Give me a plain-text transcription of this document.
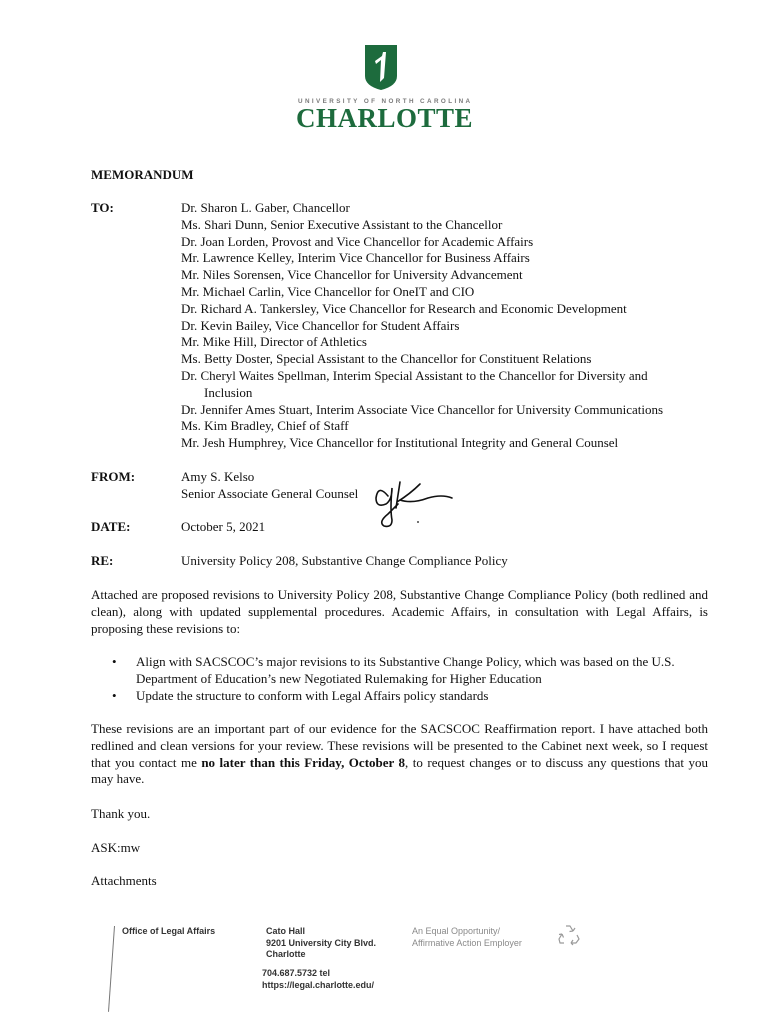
UNIVERSITY OF NORTH CAROLINA
CHARLOTTE
MEMORANDUM
TO:	Dr. Sharon L. Gaber, Chancellor
Ms. Shari Dunn, Senior Executive Assistant to the Chancellor
Dr. Joan Lorden, Provost and Vice Chancellor for Academic Affairs
Mr. Lawrence Kelley, Interim Vice Chancellor for Business Affairs
Mr. Niles Sorensen, Vice Chancellor for University Advancement
Mr. Michael Carlin, Vice Chancellor for OneIT and CIO
Dr. Richard A. Tankersley, Vice Chancellor for Research and Economic Development
Dr. Kevin Bailey, Vice Chancellor for Student Affairs
Mr. Mike Hill, Director of Athletics
Ms. Betty Doster, Special Assistant to the Chancellor for Constituent Relations
Dr. Cheryl Waites Spellman, Interim Special Assistant to the Chancellor for Diversity and
Inclusion
Dr. Jennifer Ames Stuart, Interim Associate Vice Chancellor for University Communications
Ms. Kim Bradley, Chief of Staff
Mr. Jesh Humphrey, Vice Chancellor for Institutional Integrity and General Counsel
FROM:	Amy S. Kelso
Senior Associate General Counsel
DATE:	October 5, 2021
RE:	University Policy 208, Substantive Change Compliance Policy

Attached are proposed revisions to University Policy 208, Substantive Change Compliance Policy (both redlined and clean), along with updated supplemental procedures. Academic Affairs, in consultation with Legal Affairs, is proposing these revisions to:

• Align with SACSCOC’s major revisions to its Substantive Change Policy, which was based on the U.S. Department of Education’s new Negotiated Rulemaking for Higher Education
• Update the structure to conform with Legal Affairs policy standards

These revisions are an important part of our evidence for the SACSCOC Reaffirmation report. I have attached both redlined and clean versions for your review. These revisions will be presented to the Cabinet next week, so I request that you contact me no later than this Friday, October 8, to request changes or to discuss any questions that you may have.

Thank you.
ASK:mw
Attachments
Office of Legal Affairs	Cato Hall
9201 University City Blvd.
Charlotte
704.687.5732 tel
https://legal.charlotte.edu/
An Equal Opportunity/
Affirmative Action Employer
